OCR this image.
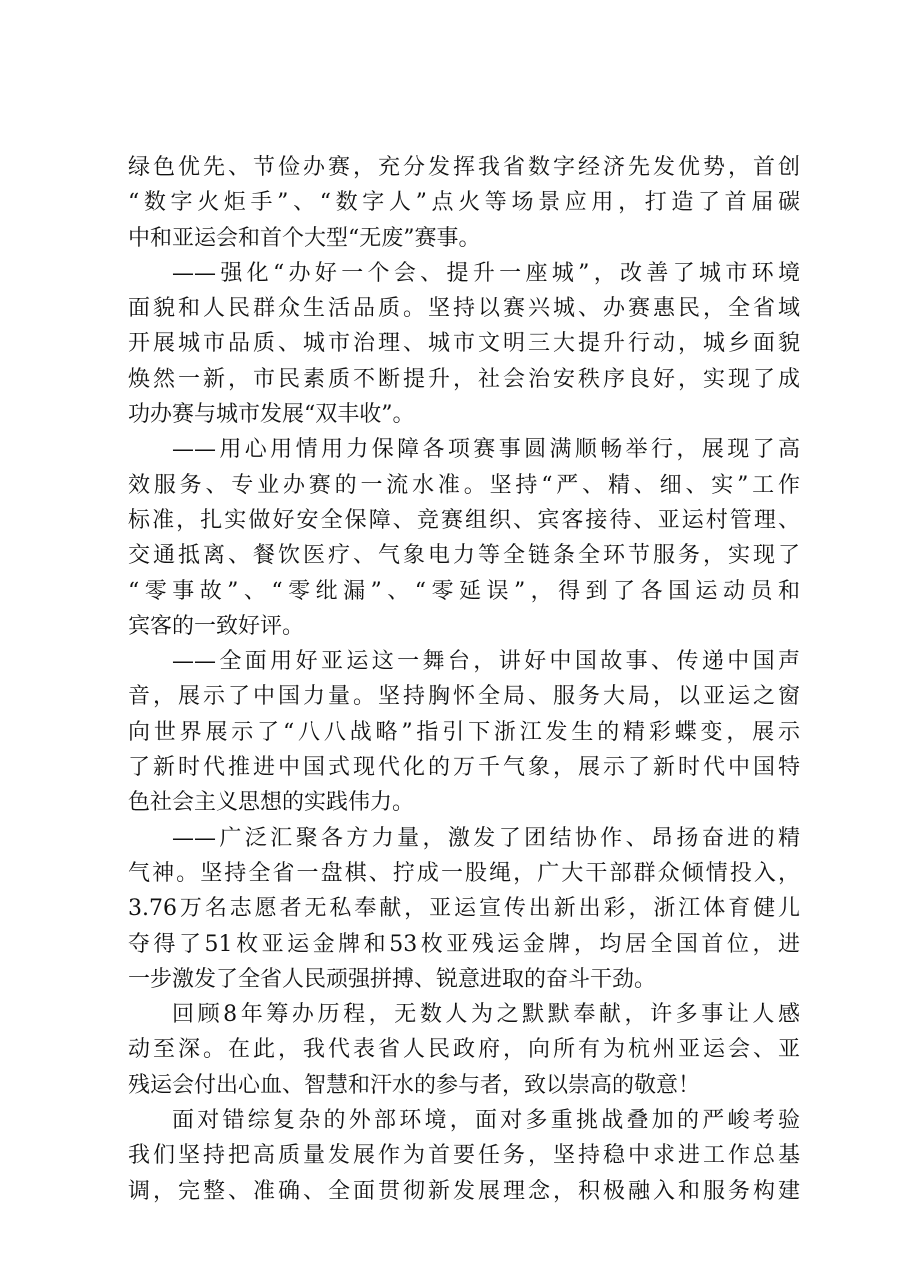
绿色优先、节俭办赛，充分发挥我省数字经济先发优势，首创
“数字火炬手”、“数字人”点火等场景应用，打造了首届碳
中和亚运会和首个大型“无废”赛事。
——强化“办好一个会、提升一座城”，改善了城市环境
面貌和人民群众生活品质。坚持以赛兴城、办赛惠民，全省域
开展城市品质、城市治理、城市文明三大提升行动，城乡面貌
焕然一新，市民素质不断提升，社会治安秩序良好，实现了成
功办赛与城市发展“双丰收”。
——用心用情用力保障各项赛事圆满顺畅举行，展现了高
效服务、专业办赛的一流水准。坚持“严、精、细、实”工作
标准，扎实做好安全保障、竞赛组织、宾客接待、亚运村管理、
交通抵离、餐饮医疗、气象电力等全链条全环节服务，实现了
“零事故”、“零纰漏”、“零延误”，得到了各国运动员和
宾客的一致好评。
——全面用好亚运这一舞台，讲好中国故事、传递中国声
音，展示了中国力量。坚持胸怀全局、服务大局，以亚运之窗
向世界展示了“八八战略”指引下浙江发生的精彩蝶变，展示
了新时代推进中国式现代化的万千气象，展示了新时代中国特
色社会主义思想的实践伟力。
——广泛汇聚各方力量，激发了团结协作、昂扬奋进的精
气神。坚持全省一盘棋、拧成一股绳，广大干部群众倾情投入，
3.76万名志愿者无私奉献，亚运宣传出新出彩，浙江体育健儿
夺得了51枚亚运金牌和53枚亚残运金牌，均居全国首位，进
一步激发了全省人民顽强拼搏、锐意进取的奋斗干劲。
回顾8年筹办历程，无数人为之默默奉献，许多事让人感
动至深。在此，我代表省人民政府，向所有为杭州亚运会、亚
残运会付出心血、智慧和汗水的参与者，致以崇高的敬意！
面对错综复杂的外部环境，面对多重挑战叠加的严峻考验
我们坚持把高质量发展作为首要任务，坚持稳中求进工作总基
调，完整、准确、全面贯彻新发展理念，积极融入和服务构建
